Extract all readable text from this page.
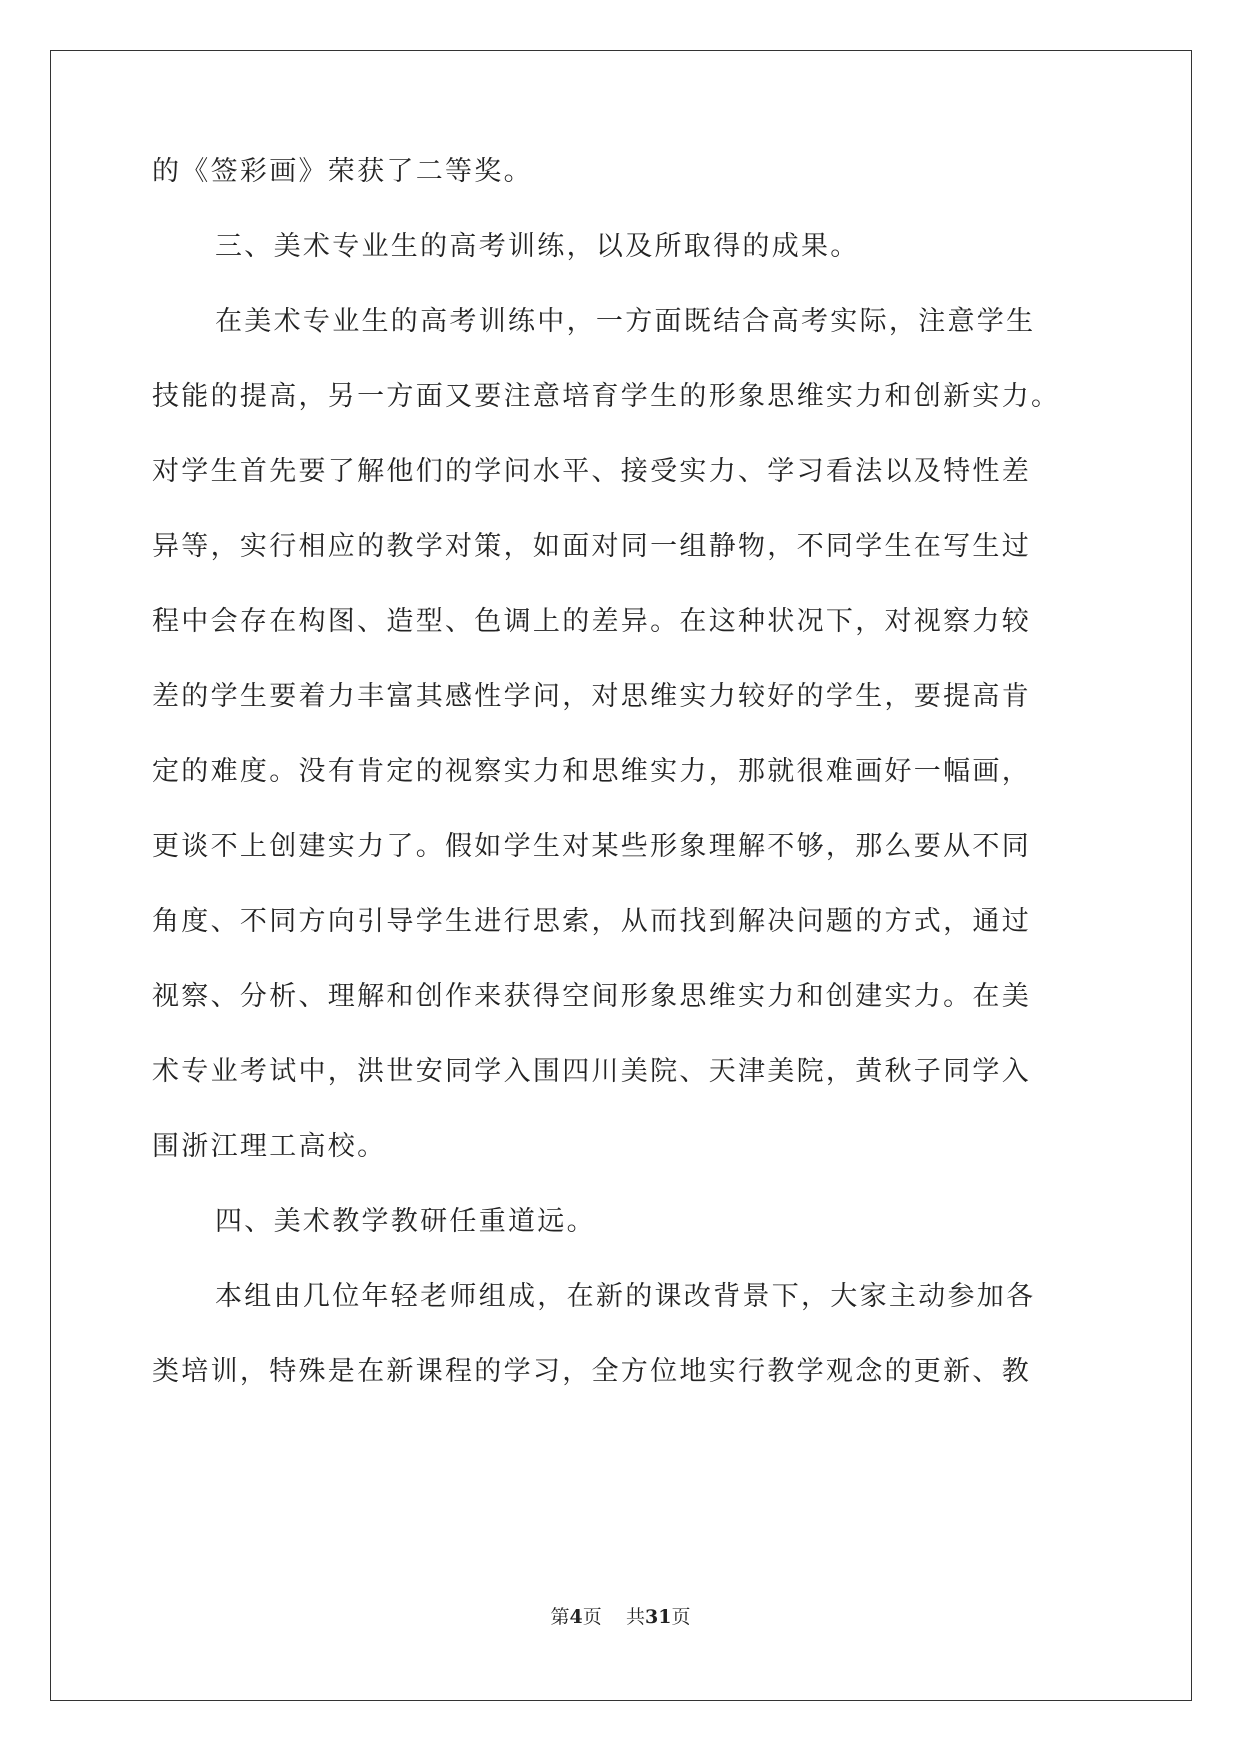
的《签彩画》荣获了二等奖。
三、美术专业生的高考训练，以及所取得的成果。
在美术专业生的高考训练中，一方面既结合高考实际，注意学生
技能的提高，另一方面又要注意培育学生的形象思维实力和创新实力。
对学生首先要了解他们的学问水平、接受实力、学习看法以及特性差
异等，实行相应的教学对策，如面对同一组静物，不同学生在写生过
程中会存在构图、造型、色调上的差异。在这种状况下，对视察力较
差的学生要着力丰富其感性学问，对思维实力较好的学生，要提高肯
定的难度。没有肯定的视察实力和思维实力，那就很难画好一幅画，
更谈不上创建实力了。假如学生对某些形象理解不够，那么要从不同
角度、不同方向引导学生进行思索，从而找到解决问题的方式，通过
视察、分析、理解和创作来获得空间形象思维实力和创建实力。在美
术专业考试中，洪世安同学入围四川美院、天津美院，黄秋子同学入
围浙江理工高校。
四、美术教学教研任重道远。
本组由几位年轻老师组成，在新的课改背景下，大家主动参加各
类培训，特殊是在新课程的学习，全方位地实行教学观念的更新、教
第4页 共31页
